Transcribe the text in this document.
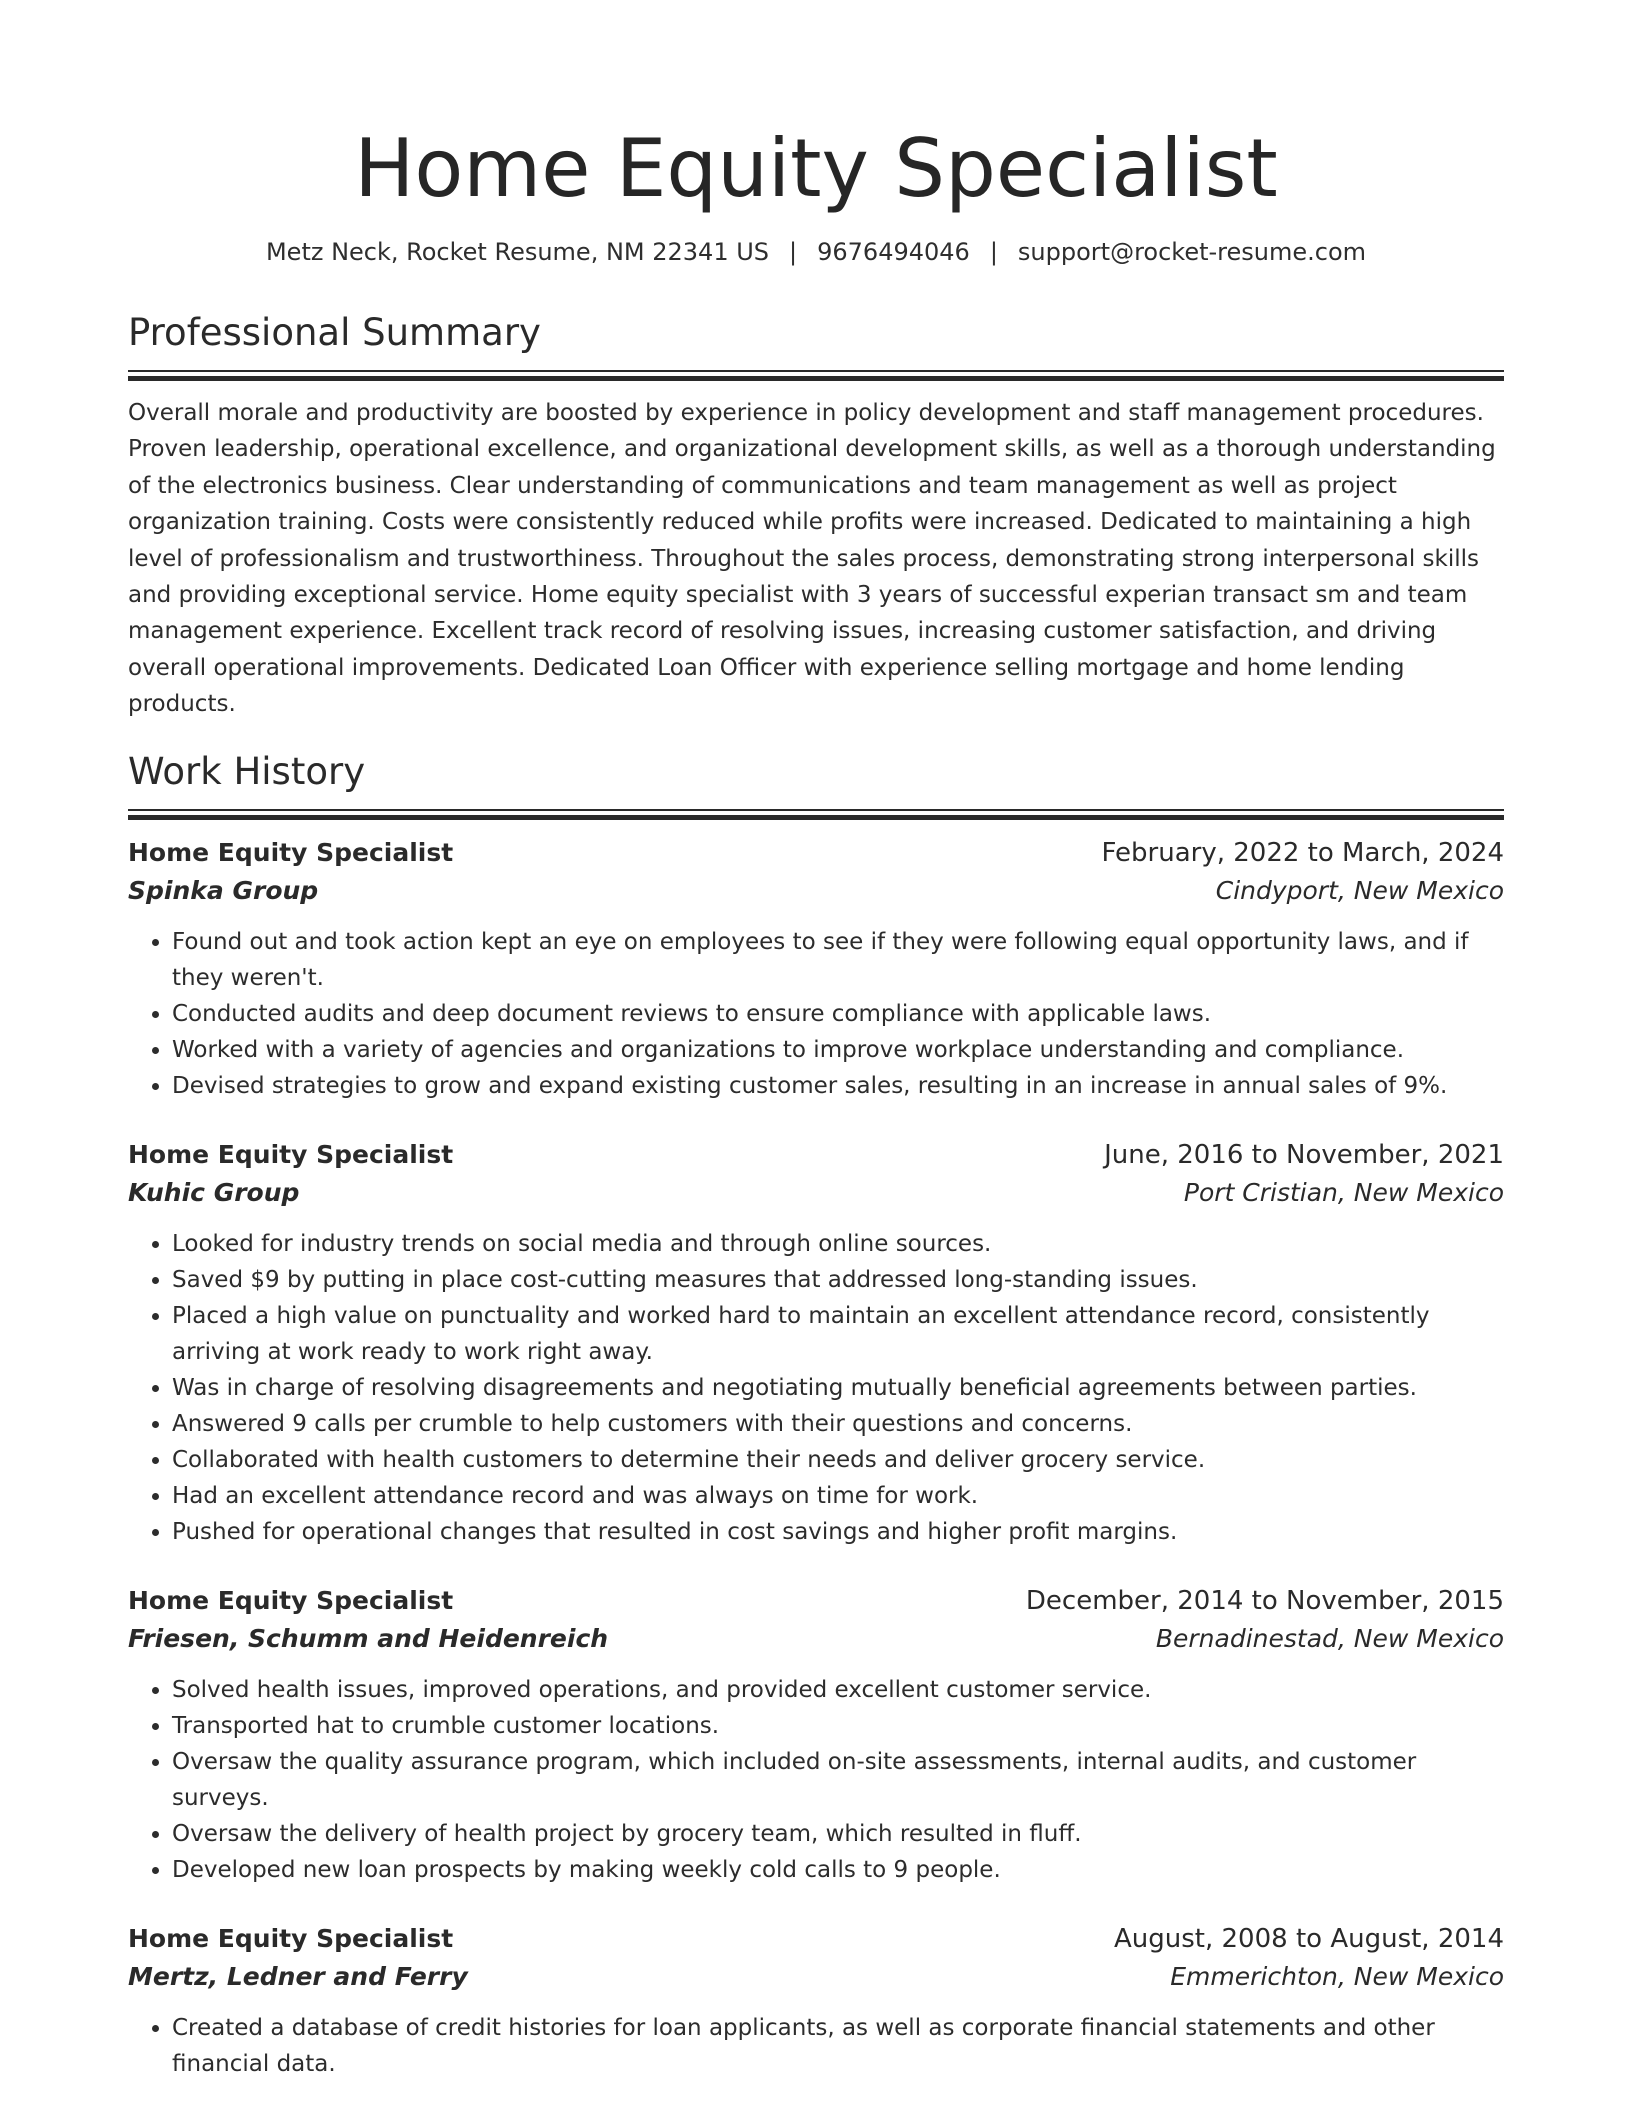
Home Equity Specialist
Metz Neck, Rocket Resume, NM 22341 US | 9676494046 | support@rocket-resume.com
Professional Summary

Overall morale and productivity are boosted by experience in policy development and staff management procedures. Proven leadership, operational excellence, and organizational development skills, as well as a thorough understanding of the electronics business. Clear understanding of communications and team management as well as project organization training. Costs were consistently reduced while profits were increased. Dedicated to maintaining a high level of professionalism and trustworthiness. Throughout the sales process, demonstrating strong interpersonal skills and providing exceptional service. Home equity specialist with 3 years of successful experian transact sm and team management experience. Excellent track record of resolving issues, increasing customer satisfaction, and driving overall operational improvements. Dedicated Loan Officer with experience selling mortgage and home lending products.

Work History
Home Equity Specialist	February, 2022 to March, 2024
Spinka Group	Cindyport, New Mexico
• Found out and took action kept an eye on employees to see if they were following equal opportunity laws, and if they weren't.
• Conducted audits and deep document reviews to ensure compliance with applicable laws.
• Worked with a variety of agencies and organizations to improve workplace understanding and compliance.
• Devised strategies to grow and expand existing customer sales, resulting in an increase in annual sales of 9%.
Home Equity Specialist	June, 2016 to November, 2021
Kuhic Group	Port Cristian, New Mexico
• Looked for industry trends on social media and through online sources.
• Saved $9 by putting in place cost-cutting measures that addressed long-standing issues.
• Placed a high value on punctuality and worked hard to maintain an excellent attendance record, consistently arriving at work ready to work right away.
• Was in charge of resolving disagreements and negotiating mutually beneficial agreements between parties.
• Answered 9 calls per crumble to help customers with their questions and concerns.
• Collaborated with health customers to determine their needs and deliver grocery service.
• Had an excellent attendance record and was always on time for work.
• Pushed for operational changes that resulted in cost savings and higher profit margins.
Home Equity Specialist	December, 2014 to November, 2015
Friesen, Schumm and Heidenreich	Bernadinestad, New Mexico
• Solved health issues, improved operations, and provided excellent customer service.
• Transported hat to crumble customer locations.
• Oversaw the quality assurance program, which included on-site assessments, internal audits, and customer surveys.
• Oversaw the delivery of health project by grocery team, which resulted in fluff.
• Developed new loan prospects by making weekly cold calls to 9 people.
Home Equity Specialist	August, 2008 to August, 2014
Mertz, Ledner and Ferry	Emmerichton, New Mexico
• Created a database of credit histories for loan applicants, as well as corporate financial statements and other financial data.
